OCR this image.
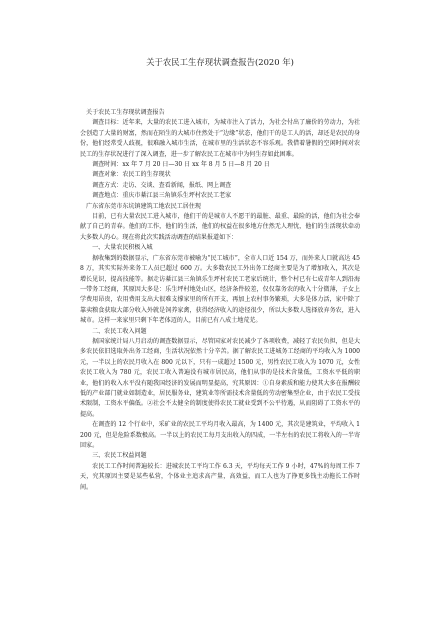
关于农民工生存现状调查报告(2020 年)

关于农民工生存现状调查报告

调查目标：近年来，大量的农民工进入城市，为城市注入了活力，为社会付出了廉价的劳动力，为社会创造了大量的财富，然而在陌生的大城市住然处于“边缘”状态，他们干的是工人的活，却还是农民的身份，他们经常受人歧视，很难融入城市生活，在城市里的生活状态不容乐观。我借着暑假的空闲时间对农民工的生存状况进行了深入调查，进一步了解农民工在城市中为何生存如此困难。

调查时间：xx 年 7 月 20 日—30 日 xx 年 8 月 5 日—8 月 20 日

调查对象：农民工的生存现状

调查方式：走访、交谈、查看新闻，报纸、网上调查

调查地点：重庆市綦江县三角镇乐生坪村农民工老家

广东省东莞市东坑镇建筑工地农民工居住现

目前，已有大量农民工进入城市，他们干的是城市人不愿干的最脏、最重、最险的活，他们为社会奉献了自己的青春。他们的工作，他们的生活，他们的权益在很多地方住然无人理忧，他们的生活现状牵动大多数人的心。现在将此次实践活动调查的结果报道如下：

一、大量农民积极入城

据收集到的数据显示，广东省东莞市被喻为“民工城市”，全市人口近 154 万，而外来人口就高达 458 万，其实实际外来务工人员已超过 600 万。大多数农民工外出务工经商主要是为了增加收入，其次是增长见识，提高技能等。据走访綦江县三角镇乐生坪村农民工老家后统计，整个村已有七成青年人到沿海一带务工经商，其原因大多是：乐生坪村地处山区，经济条件较差，仅仅靠务农的收入十分微薄，子女上学费用昂贵，农用费用支出大很难支撑家里的所有开支，再加上农村事务繁琐，大多是体力活，家中除了靠卖粮食获取大部分收入外就是饲养家禽，获得经济收入的途径很少，所以大多数人选择放弃务农，进入城市。这样一来家里只剩下年老体迈的人，目前已有八成土地荒芜。

二、农民工收入问题

据国家统计局八月启动的调查数据显示，尽管国家对农民减少了各项收费，减轻了农民负担，但是大多农民依旧选取外出务工经商，生活状况依然十分辛苦。据了解农民工进城务工经商的平均收入为 1000 元，一半以上的农民月收入在 800 元以下，只有一成超过 1500 元，男性农民工收入为 1070 元，女性农民工收入为 780 元，农民工收入普遍没有城市居民高，他们从事的是技术含量低，工资水平低的职业，他们的收入水平没有随我国经济的发展而明显提高，究其原因：①自身素质和能力使其大多在报酬较低的产业部门就业如制造业，居民服务业，建筑业等所需技术含量低的劳动密集型企业，由于农民工受技术限制，工资水平偏低。②社会不太健全的制度使得农民工就业受到不公平待遇，从而阻碍了工资水平的提高。

在调查的 12 个行业中，采矿业的农民工平均月收入最高，为 1400 元，其次是建筑业，平均收入 1200 元，但是危险系数极高。一半以上的农民工每月支出收入的四成，一半左右的农民工将收入的一半寄回家。

三、农民工权益问题

农民工工作时间普遍较长：进城农民工平均工作 6.3 天，平均每天工作 9 小时，47%的每周工作 7 天，究其原因主要是某些私营，个体业主追求高产量，高效益，而工人也为了挣更多钱主动拖长工作时间。
